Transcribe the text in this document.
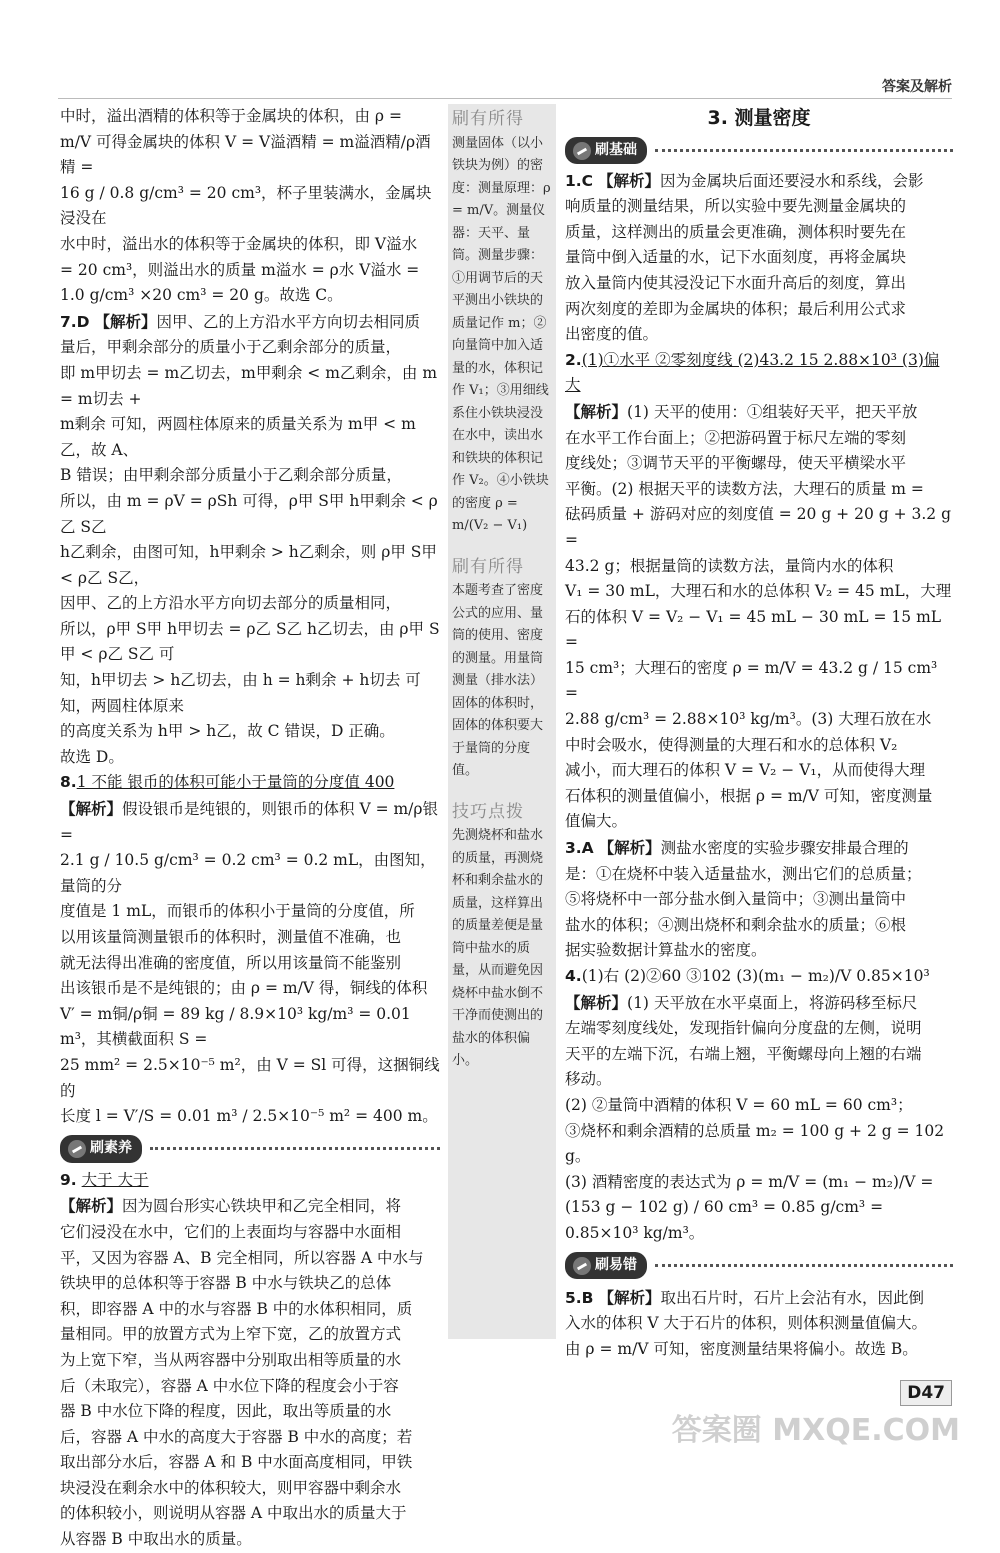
答案及解析

中时，溢出酒精的体积等于金属块的体积，由 ρ =

m/V 可得金属块的体积 V = V溢酒精 = m溢酒精/ρ酒精 =

16 g / 0.8 g/cm³ = 20 cm³，杯子里装满水，金属块浸没在

水中时，溢出水的体积等于金属块的体积，即 V溢水

= 20 cm³，则溢出水的质量 m溢水 = ρ水 V溢水 =

1.0 g/cm³ ×20 cm³ = 20 g。故选 C。

7.D 【解析】因甲、乙的上方沿水平方向切去相同质

量后，甲剩余部分的质量小于乙剩余部分的质量，

即 m甲切去 = m乙切去，m甲剩余 < m乙剩余，由 m = m切去 +

m剩余 可知，两圆柱体原来的质量关系为 m甲 < m乙，故 A、

B 错误；由甲剩余部分质量小于乙剩余部分质量，

所以，由 m = ρV = ρSh 可得，ρ甲 S甲 h甲剩余 < ρ乙 S乙

h乙剩余，由图可知，h甲剩余 > h乙剩余，则 ρ甲 S甲 < ρ乙 S乙，

因甲、乙的上方沿水平方向切去部分的质量相同，

所以，ρ甲 S甲 h甲切去 = ρ乙 S乙 h乙切去，由 ρ甲 S甲 < ρ乙 S乙 可

知，h甲切去 > h乙切去，由 h = h剩余 + h切去 可知，两圆柱体原来

的高度关系为 h甲 > h乙，故 C 错误，D 正确。

故选 D。

8.1 不能 银币的体积可能小于量筒的分度值 400

【解析】假设银币是纯银的，则银币的体积 V = m/ρ银 =

2.1 g / 10.5 g/cm³ = 0.2 cm³ = 0.2 mL，由图知，量筒的分

度值是 1 mL，而银币的体积小于量筒的分度值，所

以用该量筒测量银币的体积时，测量值不准确，也

就无法得出准确的密度值，所以用该量筒不能鉴别

出该银币是不是纯银的；由 ρ = m/V 得，铜线的体积

V′ = m铜/ρ铜 = 89 kg / 8.9×10³ kg/m³ = 0.01 m³，其横截面积 S =

25 mm² = 2.5×10⁻⁵ m²，由 V = Sl 可得，这捆铜线的

长度 l = V′/S = 0.01 m³ / 2.5×10⁻⁵ m² = 400 m。

刷素养

9. 大于 大于

【解析】因为圆台形实心铁块甲和乙完全相同，将

它们浸没在水中，它们的上表面均与容器中水面相

平，又因为容器 A、B 完全相同，所以容器 A 中水与

铁块甲的总体积等于容器 B 中水与铁块乙的总体

积，即容器 A 中的水与容器 B 中的水体积相同，质

量相同。甲的放置方式为上窄下宽，乙的放置方式

为上宽下窄，当从两容器中分别取出相等质量的水

后（未取完），容器 A 中水位下降的程度会小于容

器 B 中水位下降的程度，因此，取出等质量的水

后，容器 A 中水的高度大于容器 B 中水的高度；若

取出部分水后，容器 A 和 B 中水面高度相同，甲铁

块浸没在剩余水中的体积较大，则甲容器中剩余水

的体积较小，则说明从容器 A 中取出水的质量大于

从容器 B 中取出水的质量。

刷有所得

测量固体（以小铁块为例）的密度：测量原理：ρ = m/V。测量仪器：天平、量筒。测量步骤：①用调节后的天平测出小铁块的质量记作 m；②向量筒中加入适量的水，体积记作 V₁；③用细线系住小铁块浸没在水中，读出水和铁块的体积记作 V₂。④小铁块的密度 ρ = m/(V₂ − V₁)

刷有所得

本题考查了密度公式的应用、量筒的使用、密度的测量。用量筒测量（排水法）固体的体积时，固体的体积要大于量筒的分度值。

技巧点拨

先测烧杯和盐水的质量，再测烧杯和剩余盐水的质量，这样算出的质量差便是量筒中盐水的质量，从而避免因烧杯中盐水倒不干净而使测出的盐水的体积偏小。

3. 测量密度
刷基础

1.C 【解析】因为金属块后面还要浸水和系线，会影

响质量的测量结果，所以实验中要先测量金属块的

质量，这样测出的质量会更准确，测体积时要先在

量筒中倒入适量的水，记下水面刻度，再将金属块

放入量筒内使其浸没记下水面升高后的刻度，算出

两次刻度的差即为金属块的体积；最后利用公式求

出密度的值。

2.(1)①水平 ②零刻度线 (2)43.2 15 2.88×10³ (3)偏大

【解析】(1) 天平的使用：①组装好天平，把天平放

在水平工作台面上；②把游码置于标尺左端的零刻

度线处；③调节天平的平衡螺母，使天平横梁水平

平衡。(2) 根据天平的读数方法，大理石的质量 m =

砝码质量 + 游码对应的刻度值 = 20 g + 20 g + 3.2 g =

43.2 g；根据量筒的读数方法，量筒内水的体积

V₁ = 30 mL，大理石和水的总体积 V₂ = 45 mL，大理

石的体积 V = V₂ − V₁ = 45 mL − 30 mL = 15 mL =

15 cm³；大理石的密度 ρ = m/V = 43.2 g / 15 cm³ =

2.88 g/cm³ = 2.88×10³ kg/m³。(3) 大理石放在水

中时会吸水，使得测量的大理石和水的总体积 V₂

减小，而大理石的体积 V = V₂ − V₁，从而使得大理

石体积的测量值偏小，根据 ρ = m/V 可知，密度测量

值偏大。

3.A 【解析】测盐水密度的实验步骤安排最合理的

是：①在烧杯中装入适量盐水，测出它们的总质量；

⑤将烧杯中一部分盐水倒入量筒中；③测出量筒中

盐水的体积；④测出烧杯和剩余盐水的质量；⑥根

据实验数据计算盐水的密度。

4.(1)右 (2)②60 ③102 (3)(m₁ − m₂)/V 0.85×10³

【解析】(1) 天平放在水平桌面上，将游码移至标尺

左端零刻度线处，发现指针偏向分度盘的左侧，说明

天平的左端下沉，右端上翘，平衡螺母向上翘的右端

移动。

(2) ②量筒中酒精的体积 V = 60 mL = 60 cm³；

③烧杯和剩余酒精的总质量 m₂ = 100 g + 2 g = 102 g。

(3) 酒精密度的表达式为 ρ = m/V = (m₁ − m₂)/V =

(153 g − 102 g) / 60 cm³ = 0.85 g/cm³ = 0.85×10³ kg/m³。

刷易错

5.B 【解析】取出石片时，石片上会沾有水，因此倒

入水的体积 V 大于石片的体积，则体积测量值偏大。

由 ρ = m/V 可知，密度测量结果将偏小。故选 B。

D47
答案圈 MXQE.COM
